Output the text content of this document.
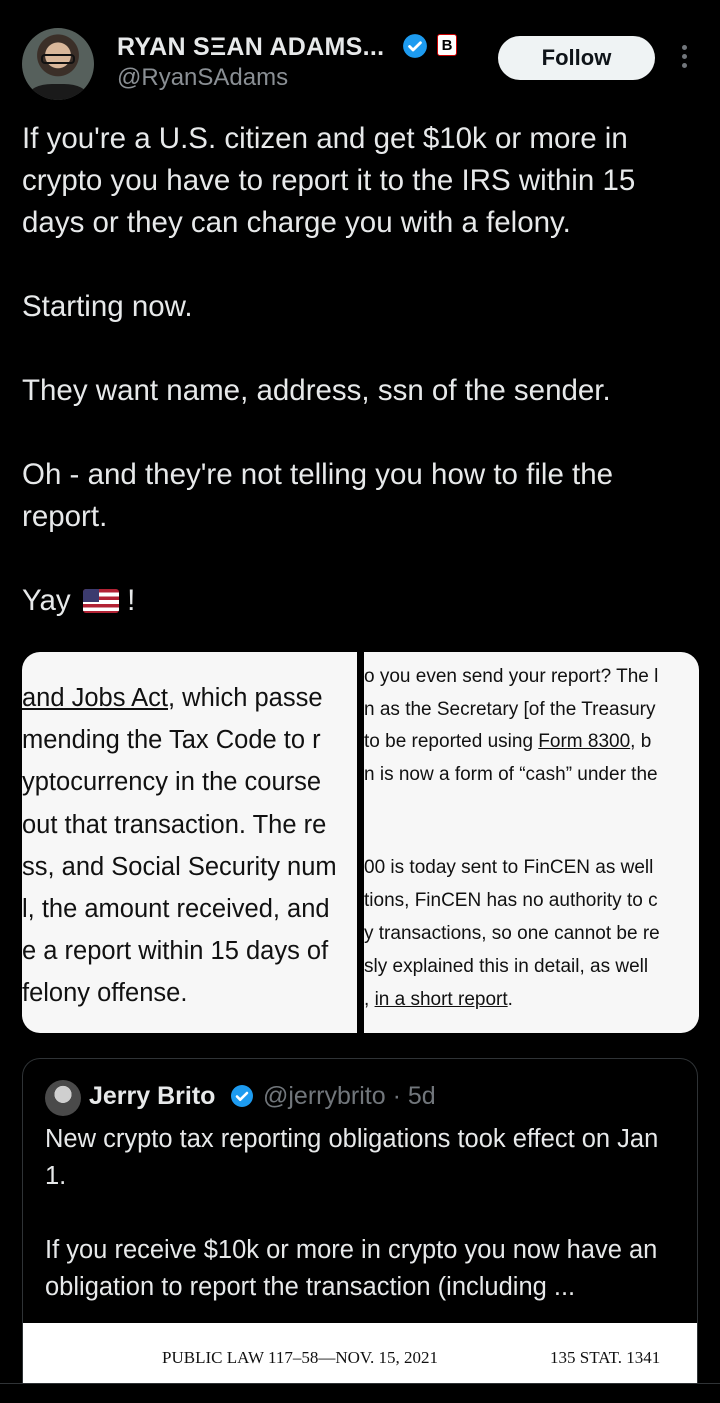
RYAN SΞAN ADAMS...	B
@RyanSAdams
Follow

If you're a U.S. citizen and get $10k or more in crypto you have to report it to the IRS within 15 days or they can charge you with a felony.

Starting now.

They want name, address, ssn of the sender.

Oh - and they're not telling you how to file the report.

Yay !

and Jobs Act, which passe
mending the Tax Code to r
yptocurrency in the course
out that transaction. The re
ss, and Social Security num
l, the amount received, and
e a report within 15 days of
felony offense.
o you even send your report? The l
n as the Secretary [of the Treasury
to be reported using Form 8300, b
n is now a form of “cash” under the
00 is today sent to FinCEN as well
tions, FinCEN has no authority to c
y transactions, so one cannot be re
sly explained this in detail, as well
, in a short report.
Jerry Brito @jerrybrito · 5d

New crypto tax reporting obligations took effect on Jan 1.

If you receive $10k or more in crypto you now have an obligation to report the transaction (including ...

PUBLIC LAW 117–58—NOV. 15, 2021	135 STAT. 1341
